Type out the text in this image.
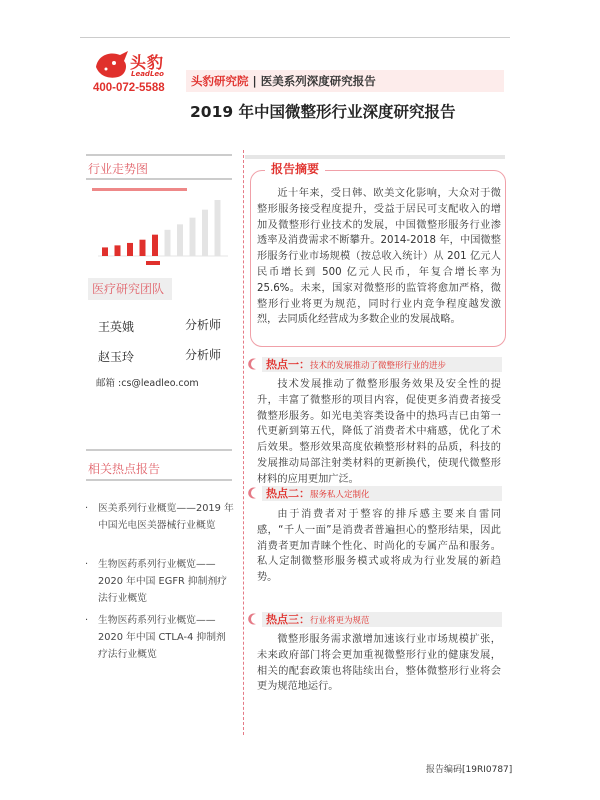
头豹
LeadLeo
400-072-5588	头豹研究院 | 医美系列深度研究报告
2019 年中国微整形行业深度研究报告
行业走势图
医疗研究团队
王英娥	分析师
赵玉玲	分析师
邮箱 :cs@leadleo.com
相关热点报告
· 医美系列行业概览——2019 年中国光电医美器械行业概览
· 生物医药系列行业概览——2020 年中国 EGFR 抑制剂疗法行业概览
· 生物医药系列行业概览——2020 年中国 CTLA-4 抑制剂疗法行业概览
报告摘要
近十年来，受日韩、欧美文化影响，大众对于微整形服务接受程度提升，受益于居民可支配收入的增加及微整形行业技术的发展，中国微整形服务行业渗透率及消费需求不断攀升。2014-2018 年，中国微整形服务行业市场规模（按总收入统计）从 201 亿元人民币增长到 500 亿元人民币，年复合增长率为 25.6%。未来，国家对微整形的监管将愈加严格，微整形行业将更为规范，同时行业内竞争程度越发激烈，去同质化经营成为多数企业的发展战略。
热点一：技术的发展推动了微整形行业的进步
技术发展推动了微整形服务效果及安全性的提升，丰富了微整形的项目内容，促使更多消费者接受微整形服务。如光电美容类设备中的热玛吉已由第一代更新到第五代，降低了消费者术中痛感，优化了术后效果。整形效果高度依赖整形材料的品质，科技的发展推动局部注射类材料的更新换代，使现代微整形材料的应用更加广泛。
热点二：服务私人定制化
由于消费者对于整容的排斥感主要来自雷同感，“千人一面”是消费者普遍担心的整形结果，因此消费者更加青睐个性化、时尚化的专属产品和服务。私人定制微整形服务模式或将成为行业发展的新趋势。
热点三：行业将更为规范
微整形服务需求激增加速该行业市场规模扩张，未来政府部门将会更加重视微整形行业的健康发展，相关的配套政策也将陆续出台，整体微整形行业将会更为规范地运行。
报告编码[19RI0787]
